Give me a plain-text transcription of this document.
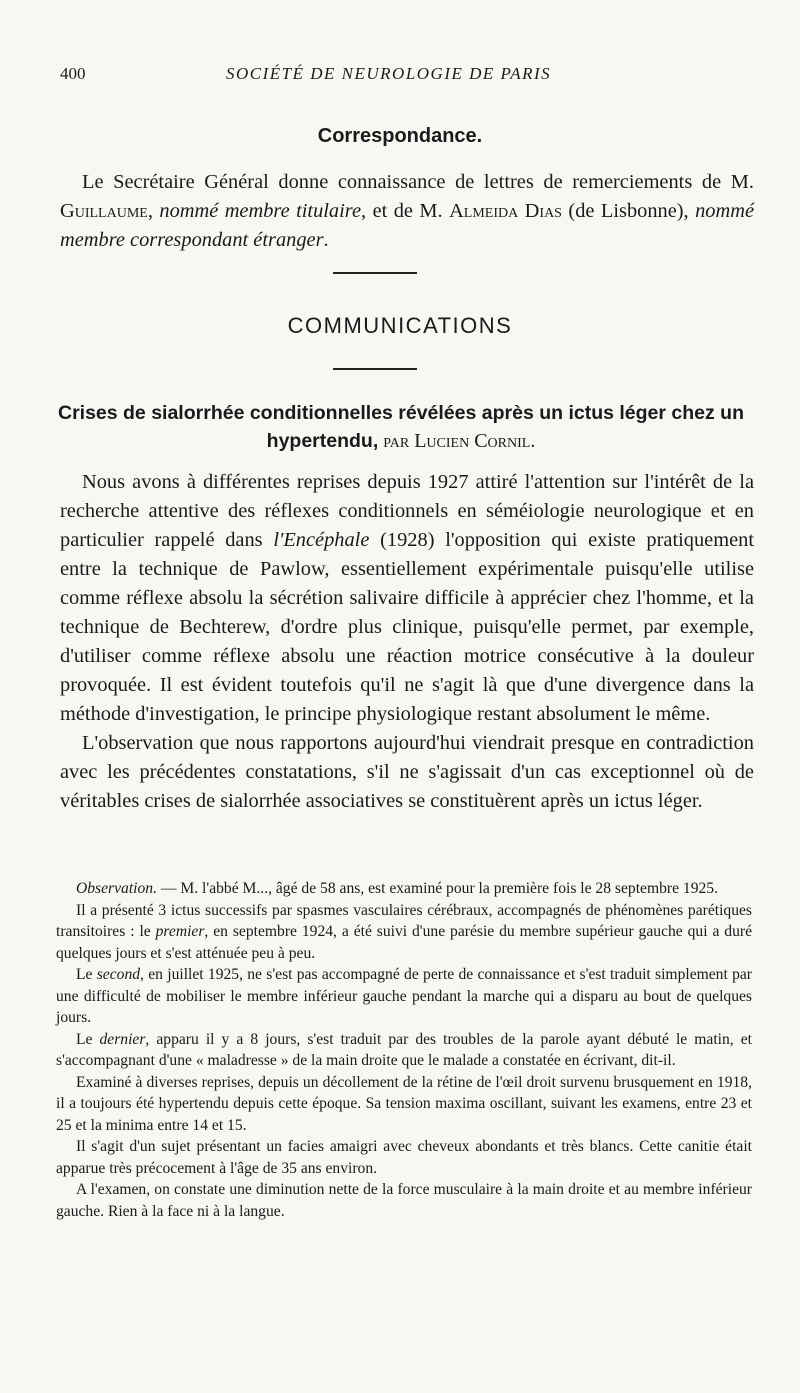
400	SOCIÉTÉ DE NEUROLOGIE DE PARIS
Correspondance.

Le Secrétaire Général donne connaissance de lettres de remerciements de M. Guillaume, nommé membre titulaire, et de M. Almeida Dias (de Lisbonne), nommé membre correspondant étranger.

COMMUNICATIONS
Crises de sialorrhée conditionnelles révélées après un ictus léger chez un hypertendu, par Lucien Cornil.

Nous avons à différentes reprises depuis 1927 attiré l'attention sur l'intérêt de la recherche attentive des réflexes conditionnels en séméiologie neurologique et en particulier rappelé dans l'Encéphale (1928) l'opposition qui existe pratiquement entre la technique de Pawlow, essentiellement expérimentale puisqu'elle utilise comme réflexe absolu la sécrétion salivaire difficile à apprécier chez l'homme, et la technique de Bechterew, d'ordre plus clinique, puisqu'elle permet, par exemple, d'utiliser comme réflexe absolu une réaction motrice consécutive à la douleur provoquée. Il est évident toutefois qu'il ne s'agit là que d'une divergence dans la méthode d'investigation, le principe physiologique restant absolument le même.

L'observation que nous rapportons aujourd'hui viendrait presque en contradiction avec les précédentes constatations, s'il ne s'agissait d'un cas exceptionnel où de véritables crises de sialorrhée associatives se constituèrent après un ictus léger.

Observation. — M. l'abbé M..., âgé de 58 ans, est examiné pour la première fois le 28 septembre 1925.

Il a présenté 3 ictus successifs par spasmes vasculaires cérébraux, accompagnés de phénomènes parétiques transitoires : le premier, en septembre 1924, a été suivi d'une parésie du membre supérieur gauche qui a duré quelques jours et s'est atténuée peu à peu.

Le second, en juillet 1925, ne s'est pas accompagné de perte de connaissance et s'est traduit simplement par une difficulté de mobiliser le membre inférieur gauche pendant la marche qui a disparu au bout de quelques jours.

Le dernier, apparu il y a 8 jours, s'est traduit par des troubles de la parole ayant débuté le matin, et s'accompagnant d'une « maladresse » de la main droite que le malade a constatée en écrivant, dit-il.

Examiné à diverses reprises, depuis un décollement de la rétine de l'œil droit survenu brusquement en 1918, il a toujours été hypertendu depuis cette époque. Sa tension maxima oscillant, suivant les examens, entre 23 et 25 et la minima entre 14 et 15.

Il s'agit d'un sujet présentant un facies amaigri avec cheveux abondants et très blancs. Cette canitie était apparue très précocement à l'âge de 35 ans environ.

A l'examen, on constate une diminution nette de la force musculaire à la main droite et au membre inférieur gauche. Rien à la face ni à la langue.
